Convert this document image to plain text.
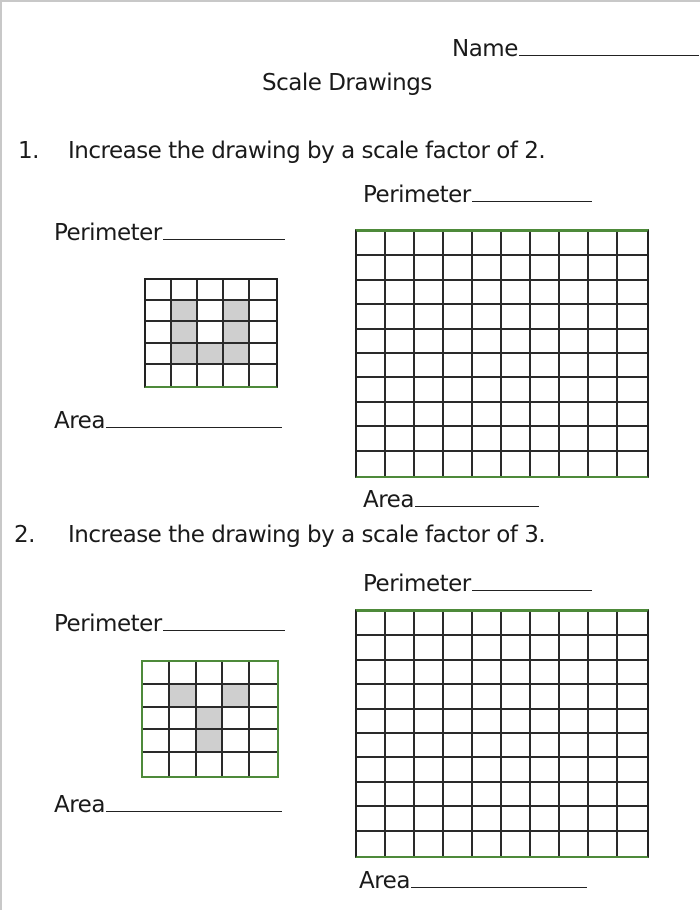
Name
Scale Drawings
1. Increase the drawing by a scale factor of 2.
Perimeter
Perimeter
Area
Area
2. Increase the drawing by a scale factor of 3.
Perimeter
Perimeter
Area
Area
